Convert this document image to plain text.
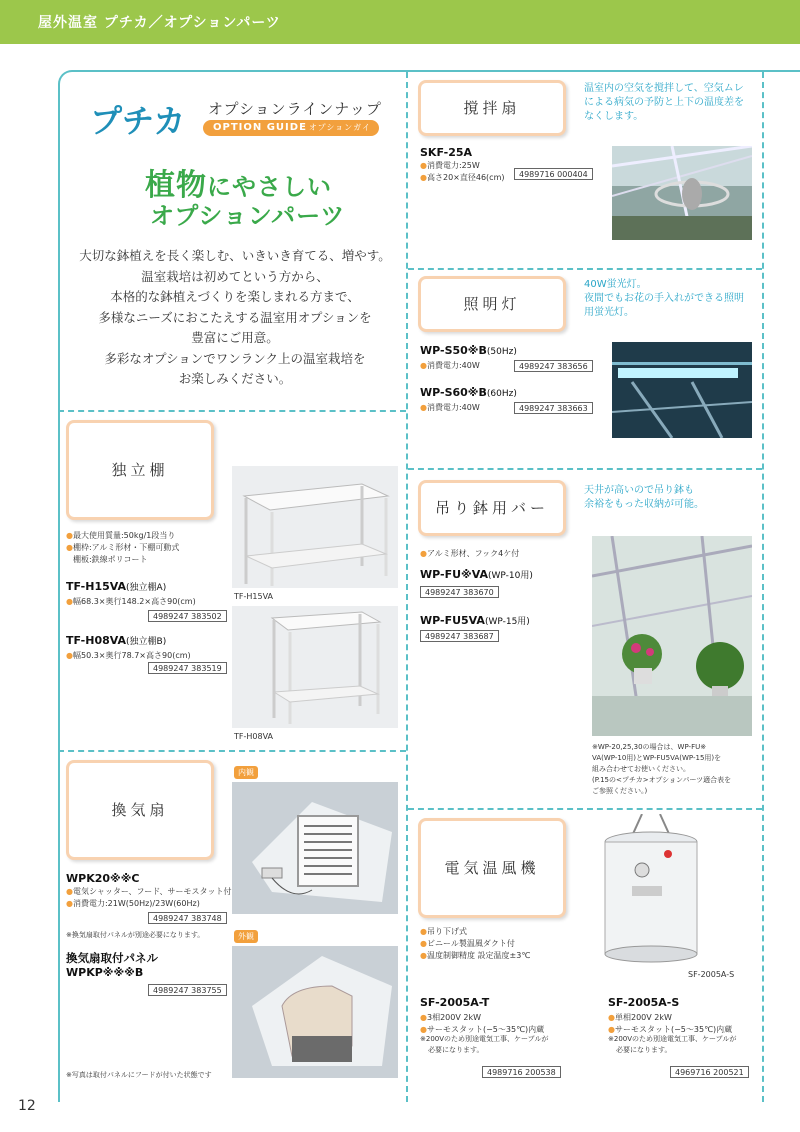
屋外温室 プチカ／オプションパーツ
プチカ オプションラインナップ
OPTION GUIDE オプションガイド
植物にやさしい
オプションパーツ
大切な鉢植えを長く楽しむ、いきいき育てる、増やす。
温室栽培は初めてという方から、
本格的な鉢植えづくりを楽しまれる方まで、
多様なニーズにおこたえする温室用オプションを
豊富にご用意。
多彩なオプションでワンランク上の温室栽培を
お楽しみください。
撹拌扇
温室内の空気を撹拌して、空気ムレ
による病気の予防と上下の温度差を
なくします。
SKF-25A
●消費電力:25W
●高さ20×直径46(cm)	4989716 000404
照明灯
40W蛍光灯。
夜間でもお花の手入れができる照明
用蛍光灯。
WP-S50※B(50Hz)
●消費電力:40W	4989247 383656
WP-S60※B(60Hz)
●消費電力:40W	4989247 383663
独立棚
●最大使用質量:50kg/1段当り
●棚枠:アルミ形材・下棚可動式
棚板:鉄線ポリコート
TF-H15VA(独立棚A)
●幅68.3×奥行148.2×高さ90(cm)
4989247 383502
TF-H08VA(独立棚B)
●幅50.3×奥行78.7×高さ90(cm)
4989247 383519
TF-H15VA
TF-H08VA
吊り鉢用バー
天井が高いので吊り鉢も
余裕をもった収納が可能。
●アルミ形材、フック4ケ付
WP-FU※VA(WP-10用)
4989247 383670
WP-FU5VA(WP-15用)
4989247 383687
※WP-20,25,30の場合は、WP-FU※
VA(WP-10用)とWP-FU5VA(WP-15用)を
組み合わせてお使いください。
(P.15の<プチカ>オプションパーツ適合表を
ご参照ください。)
換気扇
内観
WPK20※※C
●電気シャッター、フード、サーモスタット付
●消費電力:21W(50Hz)/23W(60Hz)
4989247 383748
※換気扇取付パネルが別途必要になります。
換気扇取付パネル
WPKP※※※B
4989247 383755
外観
※写真は取付パネルにフードが付いた状態です
電気温風機
SF-2005A-S
●吊り下げ式
●ビニール製温風ダクト付
●温度制御精度 設定温度±3℃
SF-2005A-T
●3相200V 2kW
●サーモスタット(−5〜35℃)内蔵
※200Vのため別途電気工事、ケーブルが
必要になります。
4989716 200538
SF-2005A-S
●単相200V 2kW
●サーモスタット(−5〜35℃)内蔵
※200Vのため別途電気工事、ケーブルが
必要になります。
4969716 200521
12
